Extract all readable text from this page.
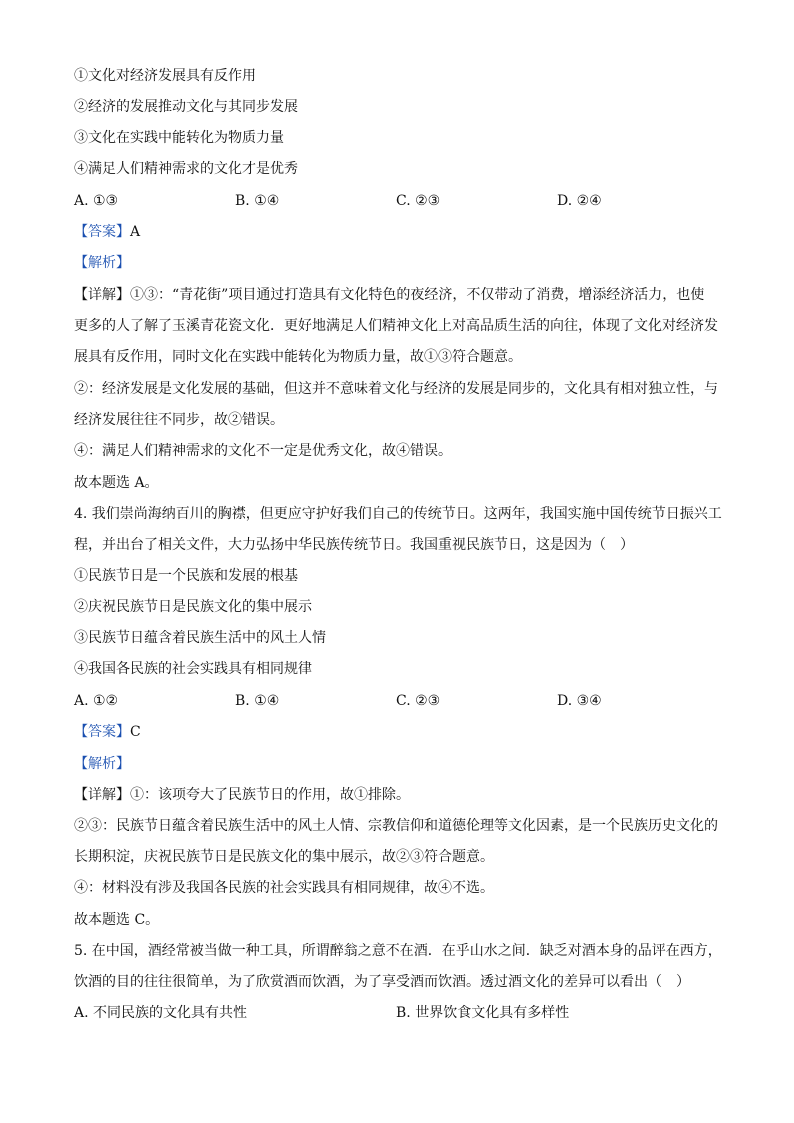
①文化对经济发展具有反作用
②经济的发展推动文化与其同步发展
③文化在实践中能转化为物质力量
④满足人们精神需求的文化才是优秀
A. ①③	B. ①④	C. ②③	D. ②④
【答案】A
【解析】
【详解】①③：“青花街”项目通过打造具有文化特色的夜经济，不仅带动了消费，增添经济活力，也使
更多的人了解了玉溪青花瓷文化．更好地满足人们精神文化上对高品质生活的向往，体现了文化对经济发
展具有反作用，同时文化在实践中能转化为物质力量，故①③符合题意。
②：经济发展是文化发展的基础，但这并不意味着文化与经济的发展是同步的，文化具有相对独立性，与
经济发展往往不同步，故②错误。
④：满足人们精神需求的文化不一定是优秀文化，故④错误。
故本题选 A。
4. 我们崇尚海纳百川的胸襟，但更应守护好我们自己的传统节日。这两年，我国实施中国传统节日振兴工
程，并出台了相关文件，大力弘扬中华民族传统节日。我国重视民族节日，这是因为（　）
①民族节日是一个民族和发展的根基
②庆祝民族节日是民族文化的集中展示
③民族节日蕴含着民族生活中的风土人情
④我国各民族的社会实践具有相同规律
A. ①②	B. ①④	C. ②③	D. ③④
【答案】C
【解析】
【详解】①：该项夸大了民族节日的作用，故①排除。
②③：民族节日蕴含着民族生活中的风土人情、宗教信仰和道德伦理等文化因素，是一个民族历史文化的
长期积淀，庆祝民族节日是民族文化的集中展示，故②③符合题意。
④：材料没有涉及我国各民族的社会实践具有相同规律，故④不选。
故本题选 C。
5. 在中国，酒经常被当做一种工具，所谓醉翁之意不在酒．在乎山水之间．缺乏对酒本身的品评在西方，
饮酒的目的往往很简单，为了欣赏酒而饮酒，为了享受酒而饮酒。透过酒文化的差异可以看出（　）
A. 不同民族的文化具有共性	B. 世界饮食文化具有多样性
